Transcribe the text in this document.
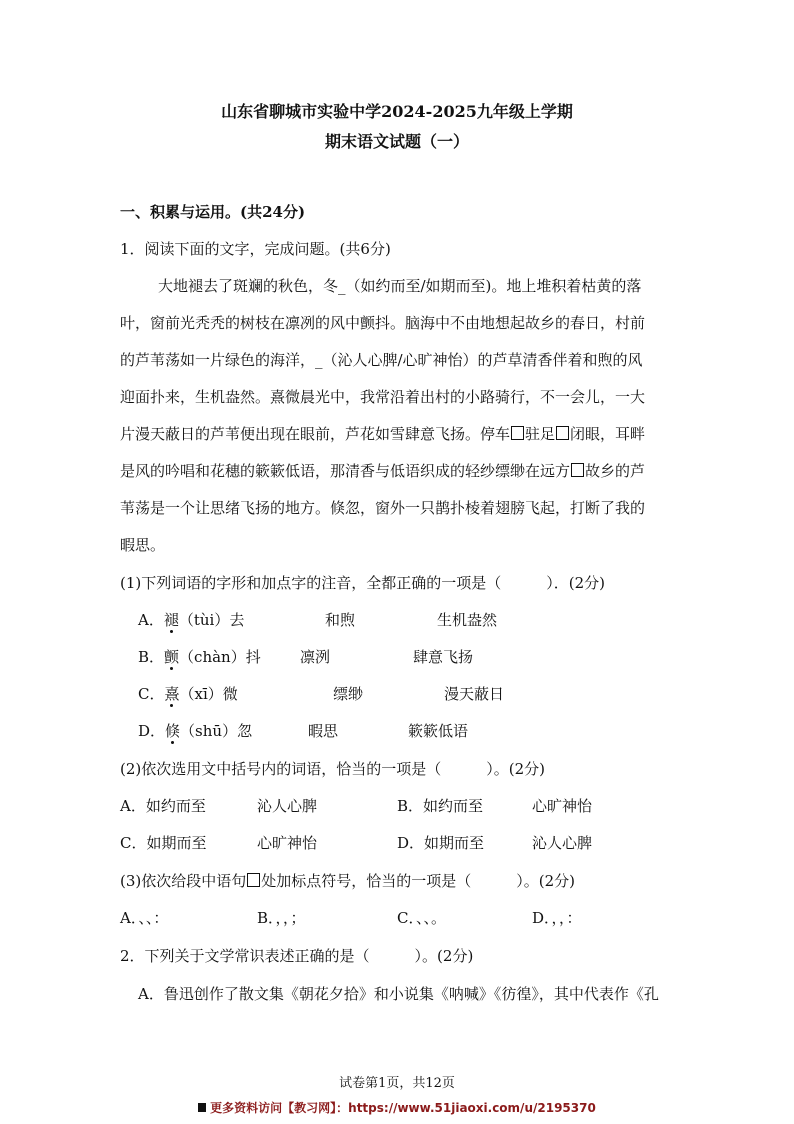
山东省聊城市实验中学2024-2025九年级上学期
期末语文试题（一）
一、积累与运用。(共24分)
1．阅读下面的文字，完成问题。(共6分)
大地褪去了斑斓的秋色，冬_（如约而至/如期而至)。地上堆积着枯黄的落
叶，窗前光秃秃的树枝在凛冽的风中颤抖。脑海中不由地想起故乡的春日，村前
的芦苇荡如一片绿色的海洋，_（沁人心脾/心旷神怡）的芦草清香伴着和煦的风
迎面扑来，生机盎然。熹微晨光中，我常沿着出村的小路骑行，不一会儿，一大
片漫天蔽日的芦苇便出现在眼前，芦花如雪肆意飞扬。停车 驻足 闭眼，耳畔
是风的吟唱和花穗的簌簌低语，那清香与低语织成的轻纱缥缈在远方 故乡的芦
苇荡是一个让思绪飞扬的地方。倏忽，窗外一只鹊扑棱着翅膀飞起，打断了我的
暇思。
(1)下列词语的字形和加点字的注音，全都正确的一项是（　　　）．(2分)
A．褪（tùi）去	和煦	生机盎然
B．颤（chàn）抖	凛洌	肆意飞扬
C．熹（xī）微	缥缈	漫天蔽日
D．倏（shū）忽	暇思	簌簌低语
(2)依次选用文中括号内的词语，恰当的一项是（　　　）。(2分)
A．如约而至	沁人心脾	B．如约而至	心旷神怡
C．如期而至	心旷神怡	D．如期而至	沁人心脾
(3)依次给段中语句 处加标点符号，恰当的一项是（　　　）。(2分)
A．、、：	B．，，；	C．、、。	D．，，：
2．下列关于文学常识表述正确的是（　　　）。(2分)
A．鲁迅创作了散文集《朝花夕拾》和小说集《呐喊》《彷徨》，其中代表作《孔
试卷第1页，共12页
更多资料访问【教习网】：https://www.51jiaoxi.com/u/2195370
